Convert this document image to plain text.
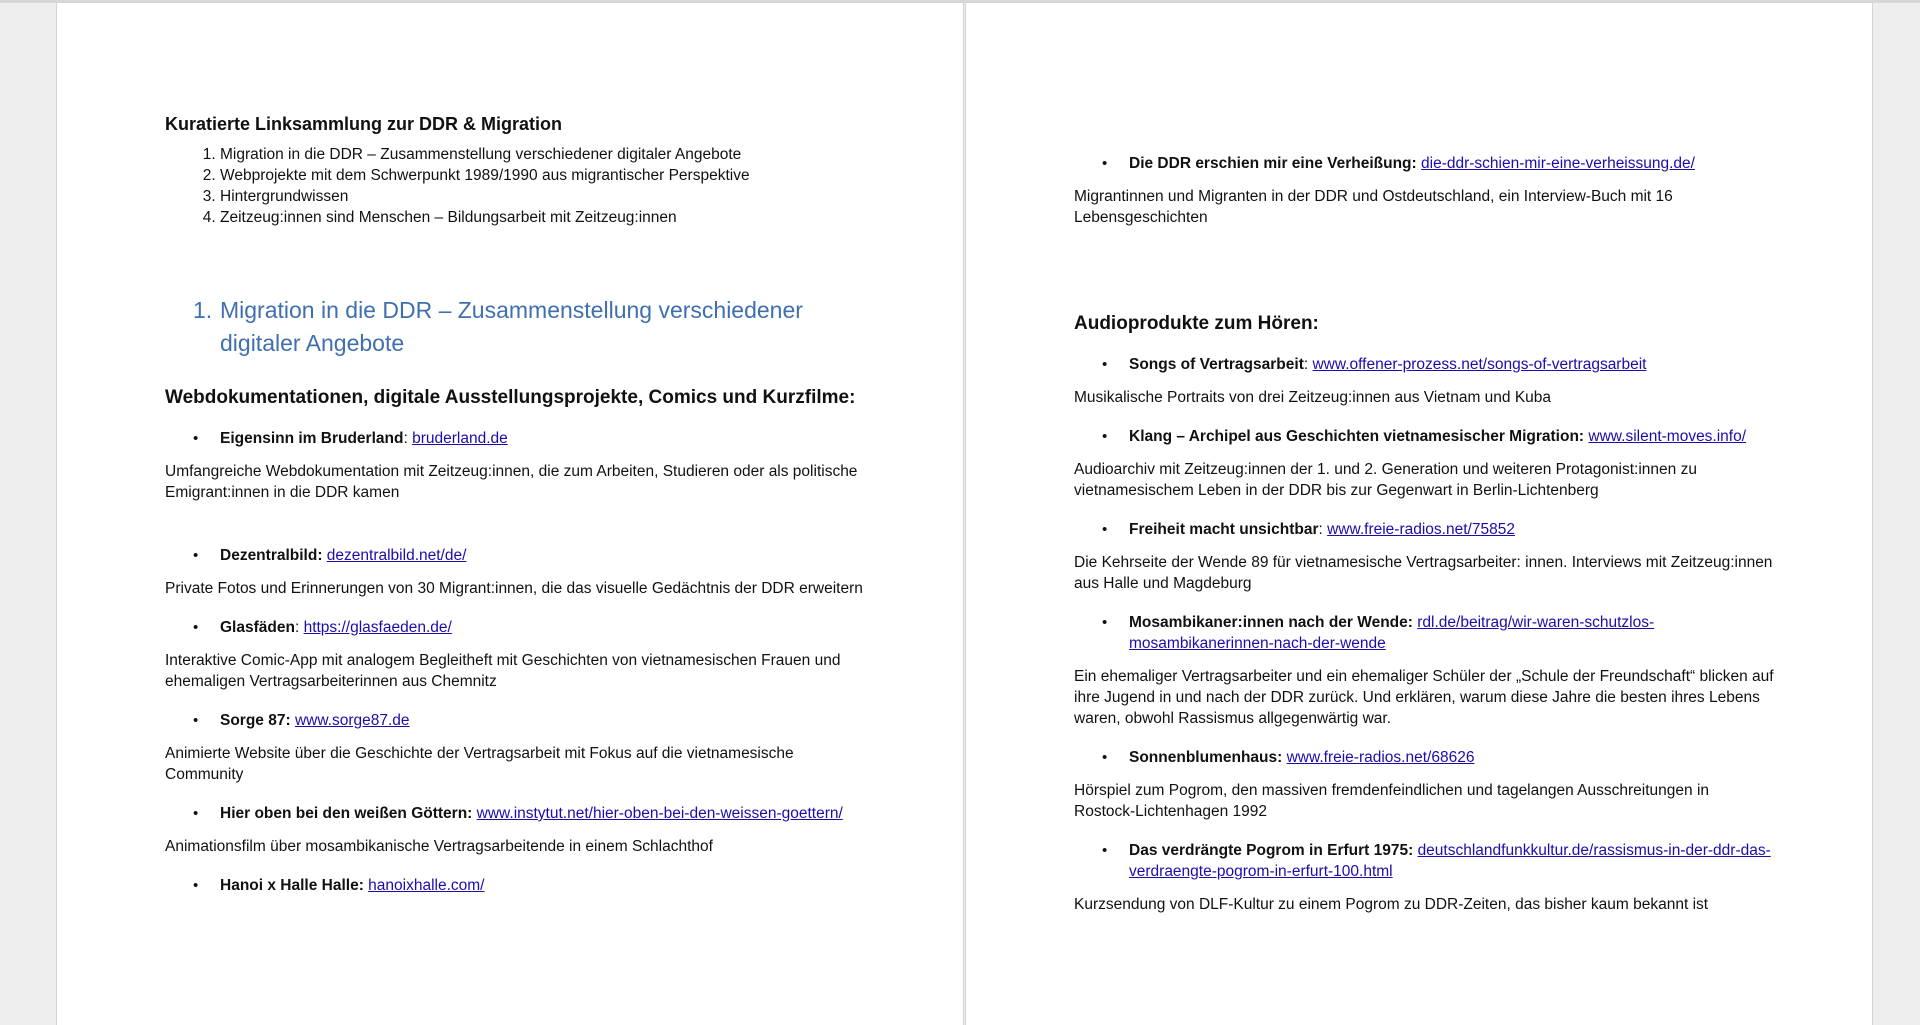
Kuratierte Linksammlung zur DDR & Migration
1. Migration in die DDR – Zusammenstellung verschiedener digitaler Angebote
2. Webprojekte mit dem Schwerpunkt 1989/1990 aus migrantischer Perspektive
3. Hintergrundwissen
4. Zeitzeug:innen sind Menschen – Bildungsarbeit mit Zeitzeug:innen
1. Migration in die DDR – Zusammenstellung verschiedener digitaler Angebote
Webdokumentationen, digitale Ausstellungsprojekte, Comics und Kurzfilme:
• Eigensinn im Bruderland: bruderland.de
Umfangreiche Webdokumentation mit Zeitzeug:innen, die zum Arbeiten, Studieren oder als politische Emigrant:innen in die DDR kamen
• Dezentralbild: dezentralbild.net/de/
Private Fotos und Erinnerungen von 30 Migrant:innen, die das visuelle Gedächtnis der DDR erweitern
• Glasfäden: https://glasfaeden.de/
Interaktive Comic-App mit analogem Begleitheft mit Geschichten von vietnamesischen Frauen und ehemaligen Vertragsarbeiterinnen aus Chemnitz
• Sorge 87: www.sorge87.de
Animierte Website über die Geschichte der Vertragsarbeit mit Fokus auf die vietnamesische Community
• Hier oben bei den weißen Göttern: www.instytut.net/hier-oben-bei-den-weissen-goettern/
Animationsfilm über mosambikanische Vertragsarbeitende in einem Schlachthof
• Hanoi x Halle Halle: hanoixhalle.com/
• Die DDR erschien mir eine Verheißung: die-ddr-schien-mir-eine-verheissung.de/
Migrantinnen und Migranten in der DDR und Ostdeutschland, ein Interview-Buch mit 16 Lebensgeschichten
Audioprodukte zum Hören:
• Songs of Vertragsarbeit: www.offener-prozess.net/songs-of-vertragsarbeit
Musikalische Portraits von drei Zeitzeug:innen aus Vietnam und Kuba
• Klang – Archipel aus Geschichten vietnamesischer Migration: www.silent-moves.info/
Audioarchiv mit Zeitzeug:innen der 1. und 2. Generation und weiteren Protagonist:innen zu vietnamesischem Leben in der DDR bis zur Gegenwart in Berlin-Lichtenberg
• Freiheit macht unsichtbar: www.freie-radios.net/75852
Die Kehrseite der Wende 89 für vietnamesische Vertragsarbeiter: innen. Interviews mit Zeitzeug:innen aus Halle und Magdeburg
• Mosambikaner:innen nach der Wende: rdl.de/beitrag/wir-waren-schutzlos-mosambikanerinnen-nach-der-wende
Ein ehemaliger Vertragsarbeiter und ein ehemaliger Schüler der „Schule der Freundschaft“ blicken auf ihre Jugend in und nach der DDR zurück. Und erklären, warum diese Jahre die besten ihres Lebens waren, obwohl Rassismus allgegenwärtig war.
• Sonnenblumenhaus: www.freie-radios.net/68626
Hörspiel zum Pogrom, den massiven fremdenfeindlichen und tagelangen Ausschreitungen in Rostock-Lichtenhagen 1992
• Das verdrängte Pogrom in Erfurt 1975: deutschlandfunkkultur.de/rassismus-in-der-ddr-das-verdraengte-pogrom-in-erfurt-100.html
Kurzsendung von DLF-Kultur zu einem Pogrom zu DDR-Zeiten, das bisher kaum bekannt ist
